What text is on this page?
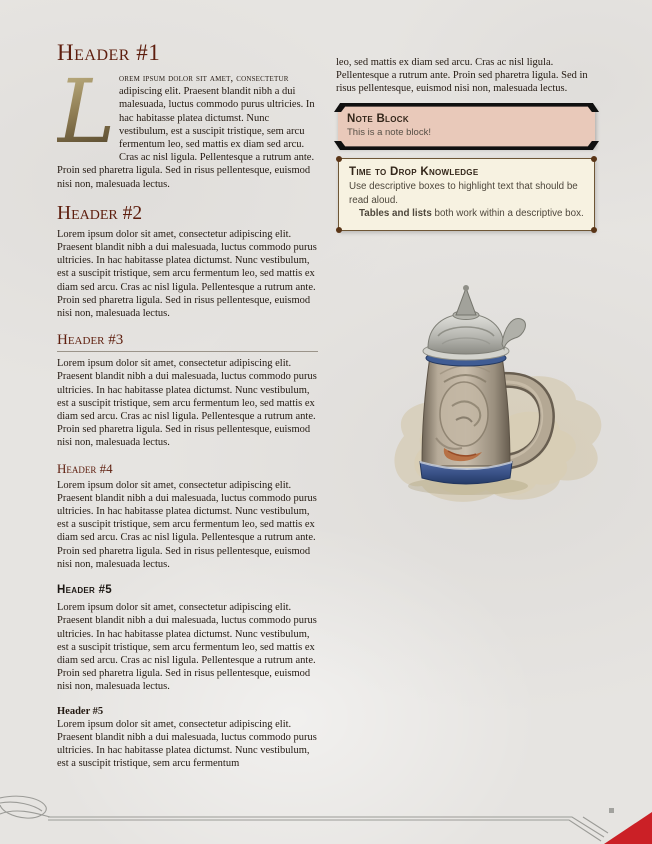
Header #1

L orem ipsum dolor sit amet, consectetur adipiscing elit. Praesent blandit nibh a dui malesuada, luctus commodo purus ultricies. In hac habitasse platea dictumst. Nunc vestibulum, est a suscipit tristique, sem arcu fermentum leo, sed mattis ex diam sed arcu. Cras ac nisl ligula. Pellentesque a rutrum ante. Proin sed pharetra ligula. Sed in risus pellentesque, euismod nisi non, malesuada lectus.

Header #2

Lorem ipsum dolor sit amet, consectetur adipiscing elit. Praesent blandit nibh a dui malesuada, luctus commodo purus ultricies. In hac habitasse platea dictumst. Nunc vestibulum, est a suscipit tristique, sem arcu fermentum leo, sed mattis ex diam sed arcu. Cras ac nisl ligula. Pellentesque a rutrum ante. Proin sed pharetra ligula. Sed in risus pellentesque, euismod nisi non, malesuada lectus.

Header #3

Lorem ipsum dolor sit amet, consectetur adipiscing elit. Praesent blandit nibh a dui malesuada, luctus commodo purus ultricies. In hac habitasse platea dictumst. Nunc vestibulum, est a suscipit tristique, sem arcu fermentum leo, sed mattis ex diam sed arcu. Cras ac nisl ligula. Pellentesque a rutrum ante. Proin sed pharetra ligula. Sed in risus pellentesque, euismod nisi non, malesuada lectus.

Header #4

Lorem ipsum dolor sit amet, consectetur adipiscing elit. Praesent blandit nibh a dui malesuada, luctus commodo purus ultricies. In hac habitasse platea dictumst. Nunc vestibulum, est a suscipit tristique, sem arcu fermentum leo, sed mattis ex diam sed arcu. Cras ac nisl ligula. Pellentesque a rutrum ante. Proin sed pharetra ligula. Sed in risus pellentesque, euismod nisi non, malesuada lectus.

Header #5

Lorem ipsum dolor sit amet, consectetur adipiscing elit. Praesent blandit nibh a dui malesuada, luctus commodo purus ultricies. In hac habitasse platea dictumst. Nunc vestibulum, est a suscipit tristique, sem arcu fermentum leo, sed mattis ex diam sed arcu. Cras ac nisl ligula. Pellentesque a rutrum ante. Proin sed pharetra ligula. Sed in risus pellentesque, euismod nisi non, malesuada lectus.

Header #5

Lorem ipsum dolor sit amet, consectetur adipiscing elit. Praesent blandit nibh a dui malesuada, luctus commodo purus ultricies. In hac habitasse platea dictumst. Nunc vestibulum, est a suscipit tristique, sem arcu fermentum

leo, sed mattis ex diam sed arcu. Cras ac nisl ligula. Pellentesque a rutrum ante. Proin sed pharetra ligula. Sed in risus pellentesque, euismod nisi non, malesuada lectus.

Note Block

This is a note block!

Time to Drop Knowledge

Use descriptive boxes to highlight text that should be read aloud.

Tables and lists both work within a descriptive box.
